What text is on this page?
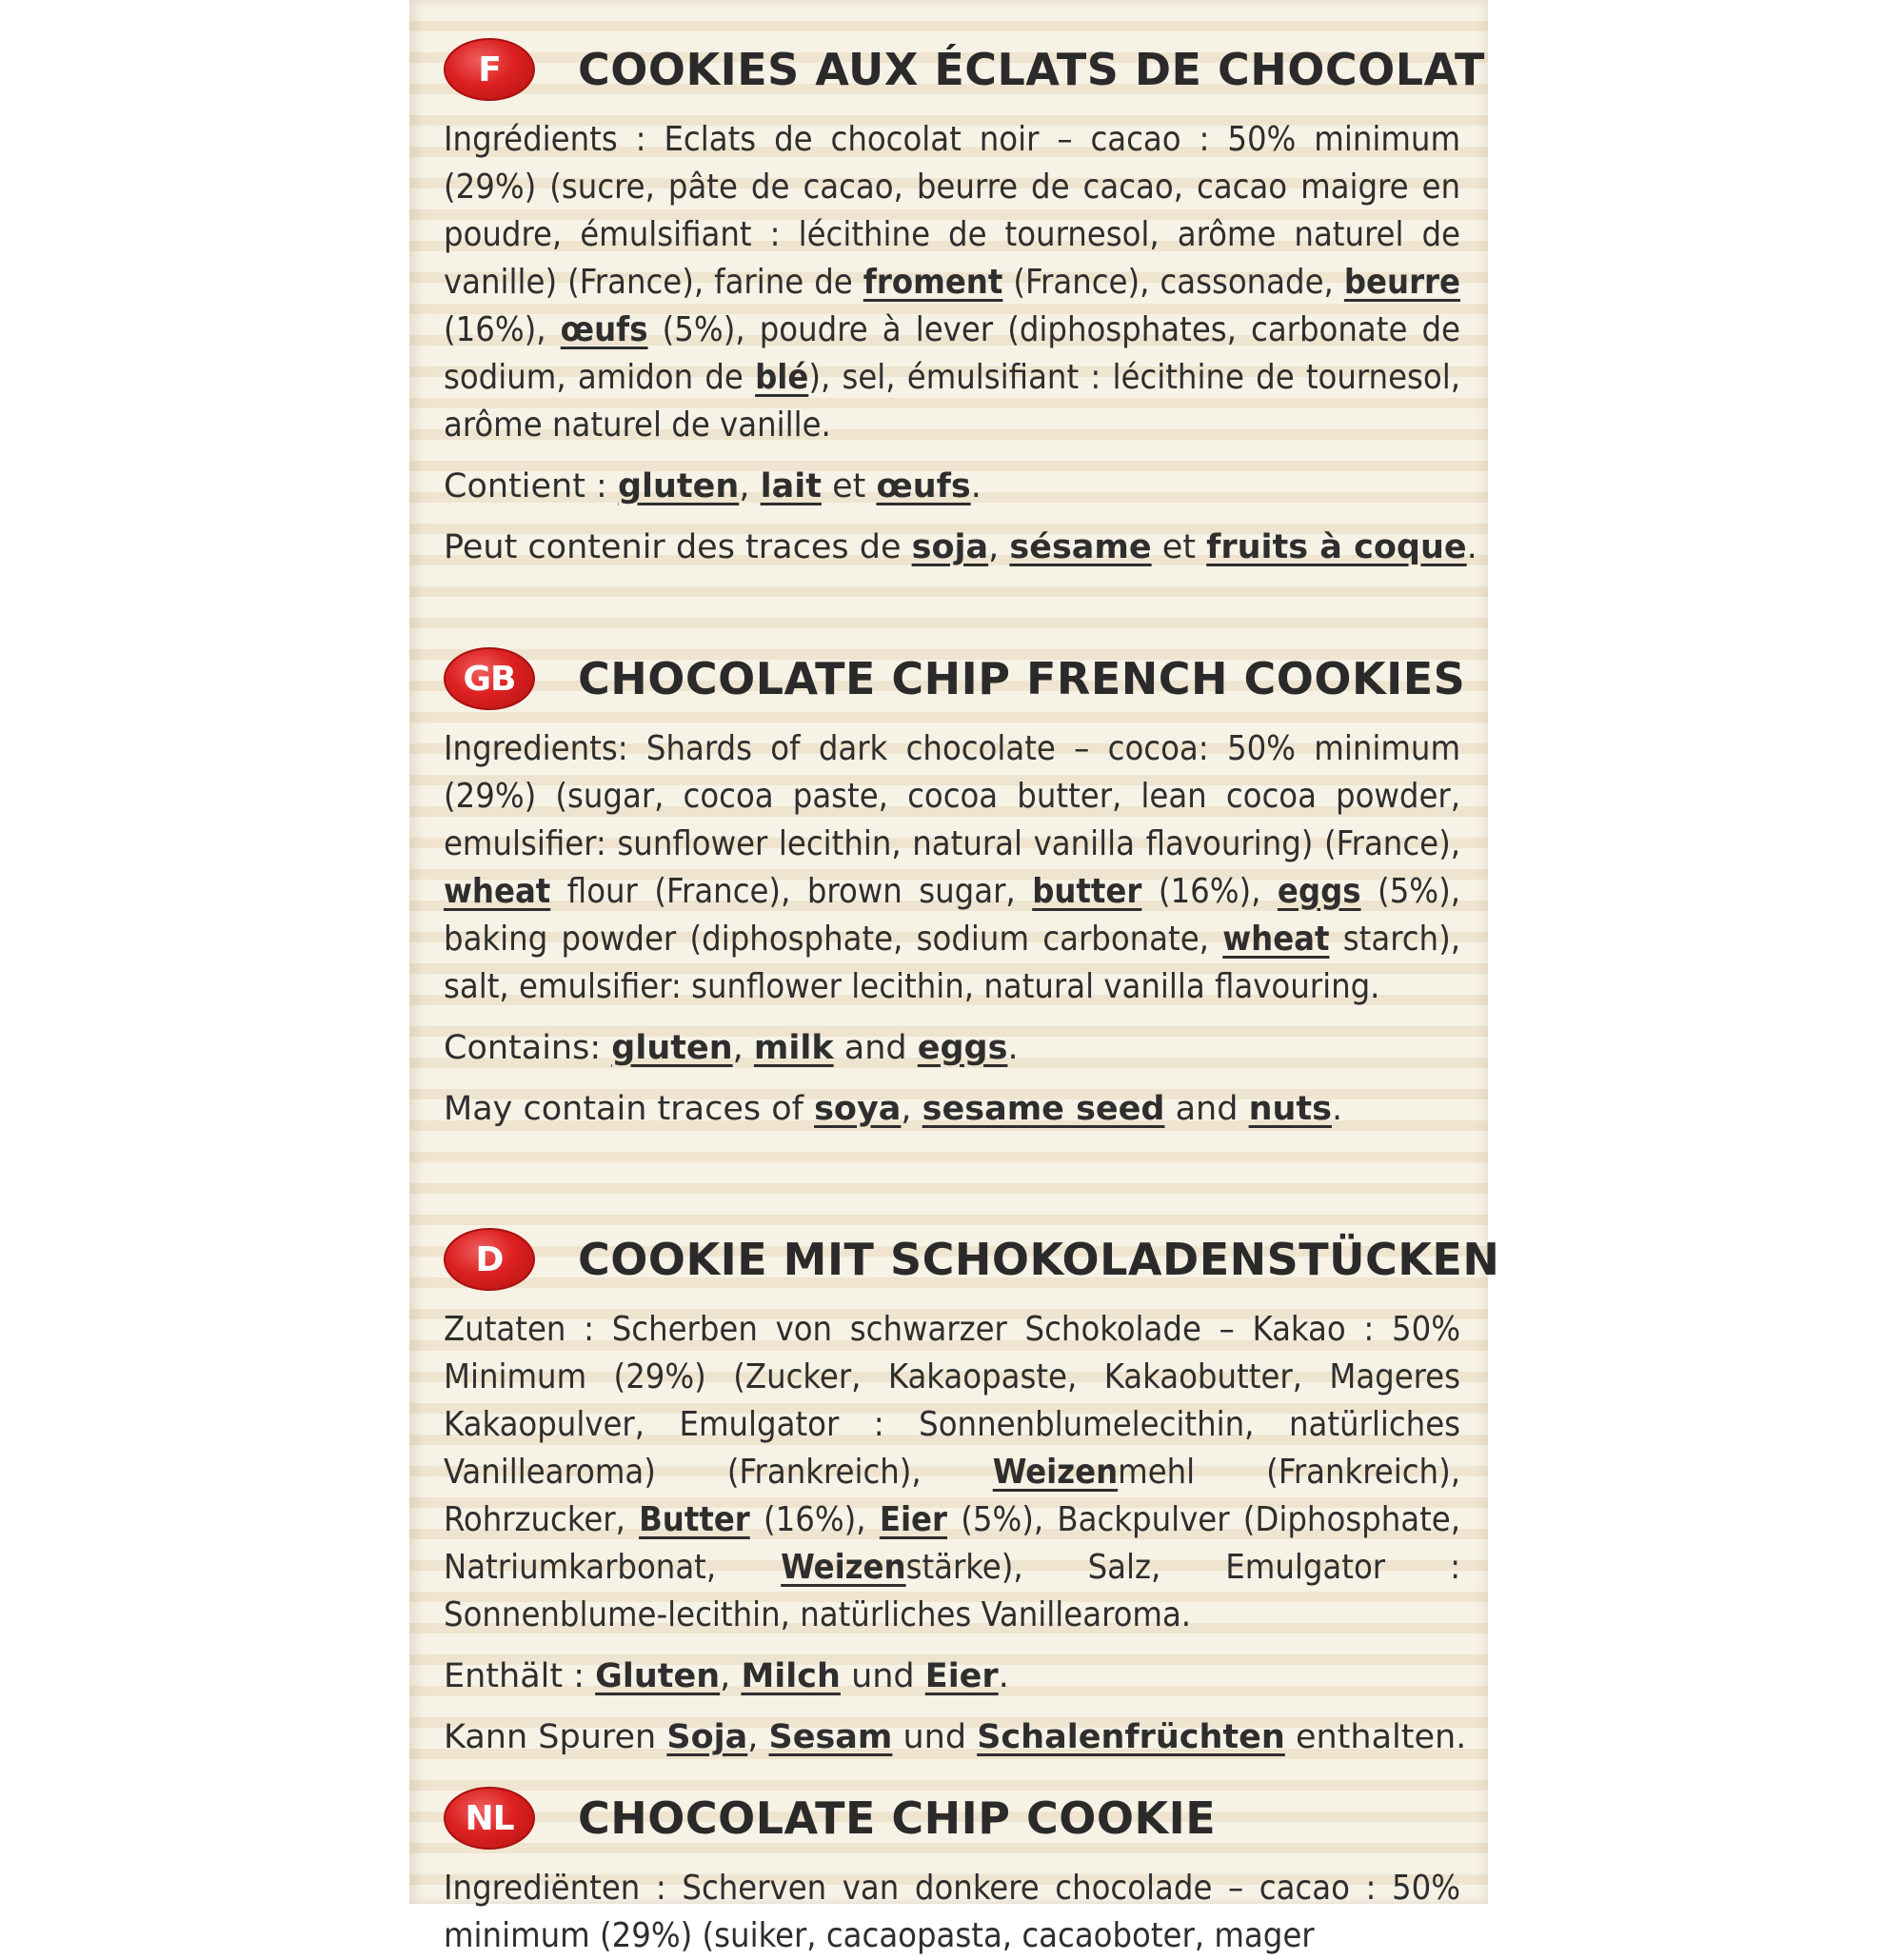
F	COOKIES AUX ÉCLATS DE CHOCOLAT

Ingrédients : Eclats de chocolat noir – cacao : 50% minimum (29%) (sucre, pâte de cacao, beurre de cacao, cacao maigre en poudre, émulsifiant : lécithine de tournesol, arôme naturel de vanille) (France), farine de froment (France), cassonade, beurre (16%), œufs (5%), poudre à lever (diphosphates, carbonate de sodium, amidon de blé), sel, émulsifiant : lécithine de tournesol, arôme naturel de vanille.

Contient : gluten, lait et œufs.

Peut contenir des traces de soja, sésame et fruits à coque.

GB	CHOCOLATE CHIP FRENCH COOKIES

Ingredients: Shards of dark chocolate – cocoa: 50% minimum (29%) (sugar, cocoa paste, cocoa butter, lean cocoa powder, emulsifier: sunflower lecithin, natural vanilla flavouring) (France), wheat flour (France), brown sugar, butter (16%), eggs (5%), baking powder (diphosphate, sodium carbonate, wheat starch), salt, emulsifier: sunflower lecithin, natural vanilla flavouring.

Contains: gluten, milk and eggs.

May contain traces of soya, sesame seed and nuts.

D	COOKIE MIT SCHOKOLADENSTÜCKEN

Zutaten : Scherben von schwarzer Schokolade – Kakao : 50% Minimum (29%) (Zucker, Kakaopaste, Kakaobutter, Mageres Kakaopulver, Emulgator : Sonnenblumelecithin, natürliches Vanillearoma) (Frankreich), Weizenmehl (Frankreich), Rohrzucker, Butter (16%), Eier (5%), Backpulver (Diphosphate, Natriumkarbonat, Weizenstärke), Salz, Emulgator : Sonnenblume-lecithin, natürliches Vanillearoma.

Enthält : Gluten, Milch und Eier.

Kann Spuren Soja, Sesam und Schalenfrüchten enthalten.

NL	CHOCOLATE CHIP COOKIE

Ingrediënten : Scherven van donkere chocolade – cacao : 50% minimum (29%) (suiker, cacaopasta, cacaoboter, mager
